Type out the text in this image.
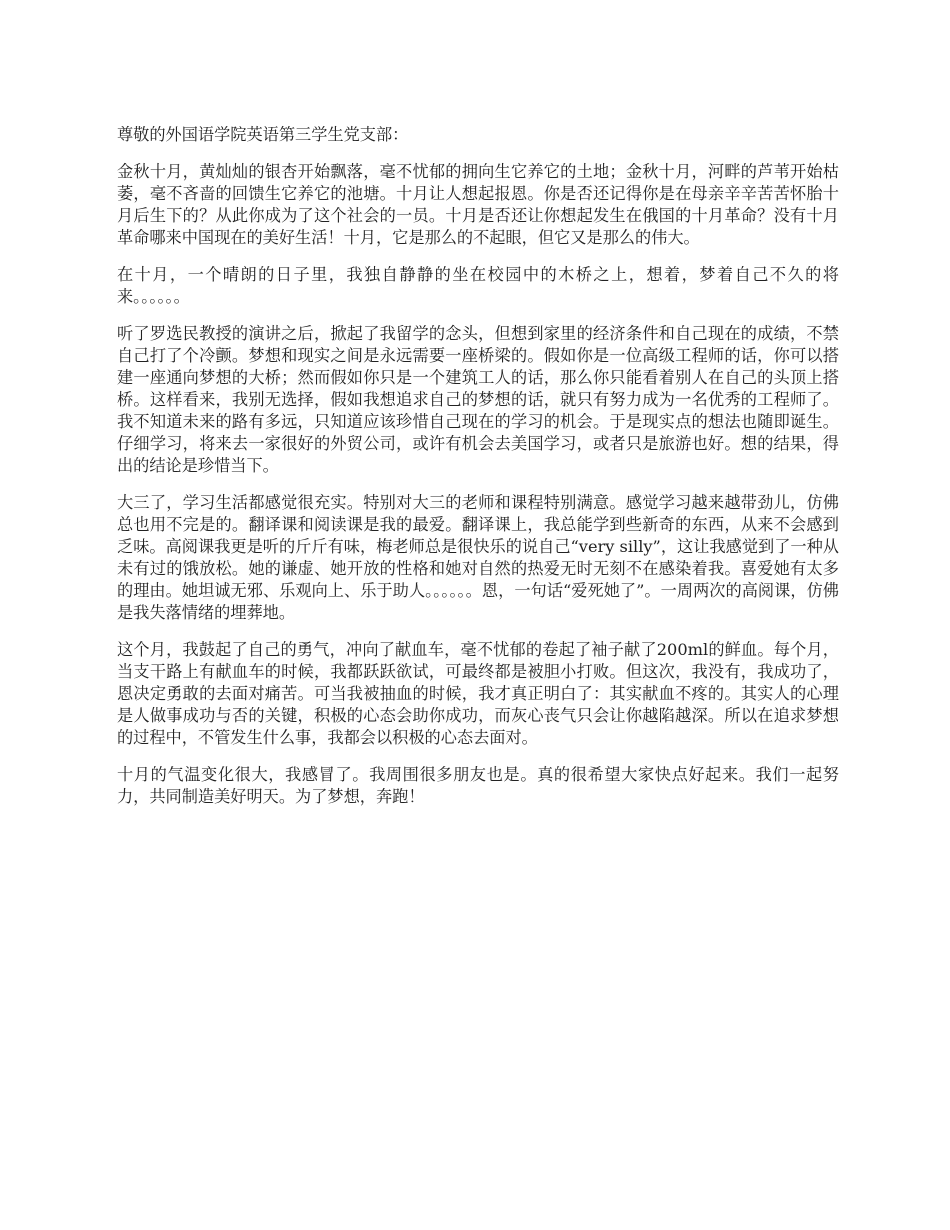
尊敬的外国语学院英语第三学生党支部：

金秋十月，黄灿灿的银杏开始飘落，毫不忧郁的拥向生它养它的土地；金秋十月，河畔的芦苇开始枯萎，毫不吝啬的回馈生它养它的池塘。十月让人想起报恩。你是否还记得你是在母亲辛辛苦苦怀胎十月后生下的？从此你成为了这个社会的一员。十月是否还让你想起发生在俄国的十月革命？没有十月革命哪来中国现在的美好生活！十月，它是那么的不起眼，但它又是那么的伟大。

在十月，一个晴朗的日子里，我独自静静的坐在校园中的木桥之上，想着，梦着自己不久的将来。。。。。。

听了罗选民教授的演讲之后，掀起了我留学的念头，但想到家里的经济条件和自己现在的成绩，不禁自己打了个冷颤。梦想和现实之间是永远需要一座桥梁的。假如你是一位高级工程师的话，你可以搭建一座通向梦想的大桥；然而假如你只是一个建筑工人的话，那么你只能看着别人在自己的头顶上搭桥。这样看来，我别无选择，假如我想追求自己的梦想的话，就只有努力成为一名优秀的工程师了。我不知道未来的路有多远，只知道应该珍惜自己现在的学习的机会。于是现实点的想法也随即诞生。仔细学习，将来去一家很好的外贸公司，或许有机会去美国学习，或者只是旅游也好。想的结果，得出的结论是珍惜当下。

大三了，学习生活都感觉很充实。特别对大三的老师和课程特别满意。感觉学习越来越带劲儿，仿佛总也用不完是的。翻译课和阅读课是我的最爱。翻译课上，我总能学到些新奇的东西，从来不会感到乏味。高阅课我更是听的斤斤有味，梅老师总是很快乐的说自己“very silly”，这让我感觉到了一种从未有过的饿放松。她的谦虚、她开放的性格和她对自然的热爱无时无刻不在感染着我。喜爱她有太多的理由。她坦诚无邪、乐观向上、乐于助人。。。。。。恩，一句话“爱死她了”。一周两次的高阅课，仿佛是我失落情绪的埋葬地。

这个月，我鼓起了自己的勇气，冲向了献血车，毫不忧郁的卷起了袖子献了200ml的鲜血。每个月，当支干路上有献血车的时候，我都跃跃欲试，可最终都是被胆小打败。但这次，我没有，我成功了，恩决定勇敢的去面对痛苦。可当我被抽血的时候，我才真正明白了：其实献血不疼的。其实人的心理是人做事成功与否的关键，积极的心态会助你成功，而灰心丧气只会让你越陷越深。所以在追求梦想的过程中，不管发生什么事，我都会以积极的心态去面对。

十月的气温变化很大，我感冒了。我周围很多朋友也是。真的很希望大家快点好起来。我们一起努力，共同制造美好明天。为了梦想，奔跑！
